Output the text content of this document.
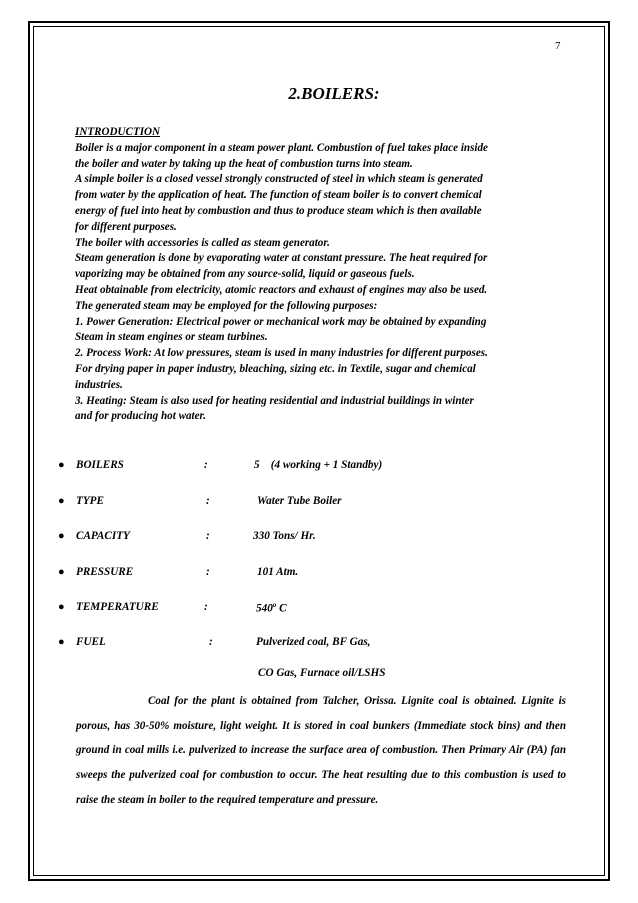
7
2.BOILERS:
INTRODUCTION
Boiler is a major component in a steam power plant. Combustion of fuel takes place inside
the boiler and water by taking up the heat of combustion turns into steam.
A simple boiler is a closed vessel strongly constructed of steel in which steam is generated
from water by the application of heat. The function of steam boiler is to convert chemical
energy of fuel into heat by combustion and thus to produce steam which is then available
for different purposes.
The boiler with accessories is called as steam generator.
Steam generation is done by evaporating water at constant pressure. The heat required for
vaporizing may be obtained from any source-solid, liquid or gaseous fuels.
Heat obtainable from electricity, atomic reactors and exhaust of engines may also be used.
The generated steam may be employed for the following purposes:
1. Power Generation: Electrical power or mechanical work may be obtained by expanding
Steam in steam engines or steam turbines.
2. Process Work: At low pressures, steam is used in many industries for different purposes.
For drying paper in paper industry, bleaching, sizing etc. in Textile, sugar and chemical
industries.
3. Heating: Steam is also used for heating residential and industrial buildings in winter
and for producing hot water.
● BOILERS	:	5    (4 working + 1 Standby)
● TYPE	:	Water Tube Boiler
● CAPACITY	:	330 Tons/ Hr.
● PRESSURE	:	101 Atm.
● TEMPERATURE	:	540$^o$ C
● FUEL	:	Pulverized coal, BF Gas,
CO Gas, Furnace oil/LSHS
Coal for the plant is obtained from Talcher, Orissa. Lignite coal is obtained. Lignite is porous, has 30-50% moisture, light weight. It is stored in coal bunkers (Immediate stock bins) and then ground in coal mills i.e. pulverized to increase the surface area of combustion. Then Primary Air (PA) fan sweeps the pulverized coal for combustion to occur. The heat resulting due to this combustion is used to raise the steam in boiler to the required temperature and pressure.
